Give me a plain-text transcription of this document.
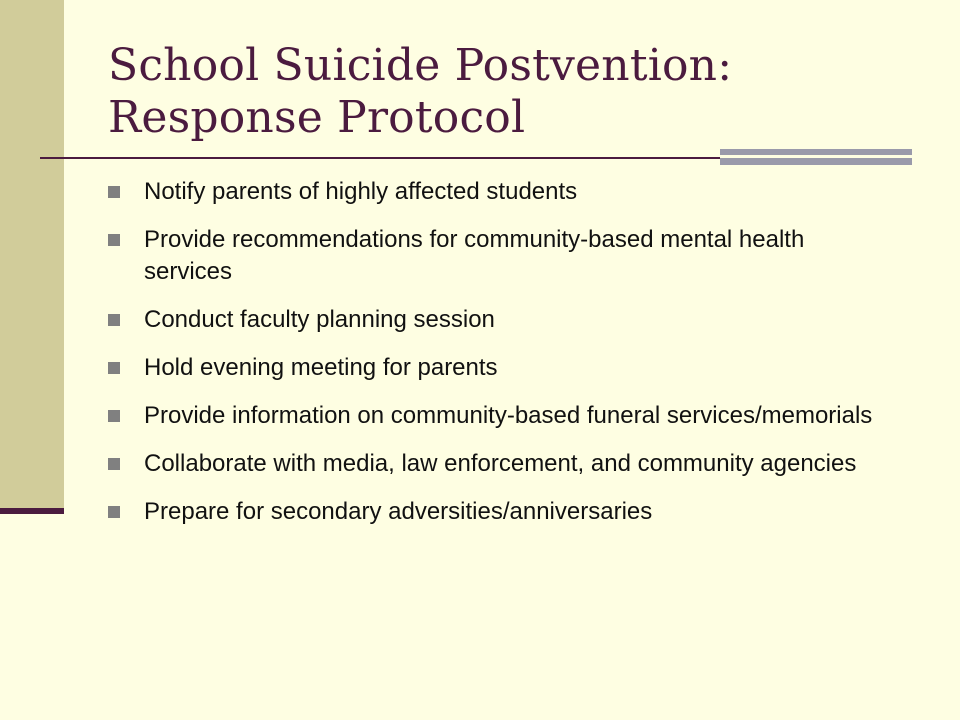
School Suicide Postvention: Response Protocol
Notify parents of highly affected students
Provide recommendations for community-based mental health services
Conduct faculty planning session
Hold evening meeting for parents
Provide information on community-based funeral services/memorials
Collaborate with media, law enforcement, and community agencies
Prepare for secondary adversities/anniversaries
